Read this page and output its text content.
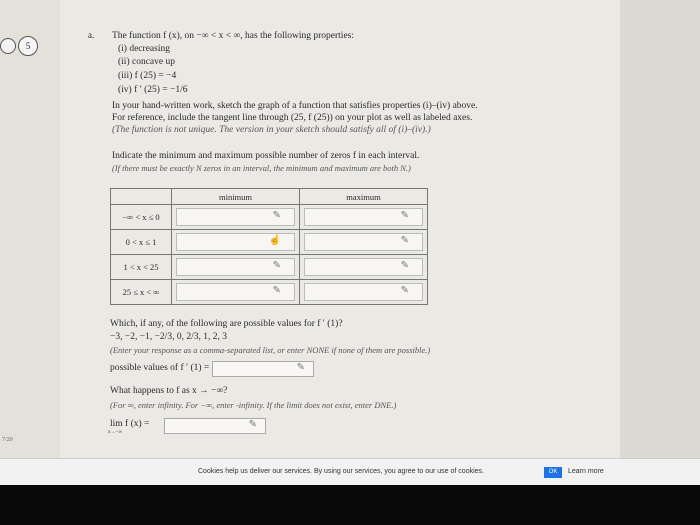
5
7/20
a. The function f (x), on −∞ < x < ∞, has the following properties:
(i) decreasing
(ii) concave up
(iii) f (25) = −4
(iv) f ′ (25) = −1/6
In your hand-written work, sketch the graph of a function that satisfies properties (i)–(iv) above.
For reference, include the tangent line through (25, f (25)) on your plot as well as labeled axes.
(The function is not unique. The version in your sketch should satisfy all of (i)–(iv).)
Indicate the minimum and maximum possible number of zeros f in each interval.
(If there must be exactly N zeros in an interval, the minimum and maximum are both N.)
	minimum	maximum
−∞ < x ≤ 0	✎	✎

0 < x ≤ 1	☝	✎

1 < x < 25	✎	✎

25 ≤ x < ∞	✎	✎
Which, if any, of the following are possible values for f ′ (1)?
−3, −2, −1, −2/3, 0, 2/3, 1, 2, 3
(Enter your response as a comma-separated list, or enter NONE if none of them are possible.)
possible values of f ′ (1) =	✎
What happens to f as x → −∞?
(For ∞, enter infinity. For −∞, enter -infinity. If the limit does not exist, enter DNE.)
lim f (x) =
x→−∞
✎
Cookies help us deliver our services. By using our services, you agree to our use of cookies.	OK	Learn more
